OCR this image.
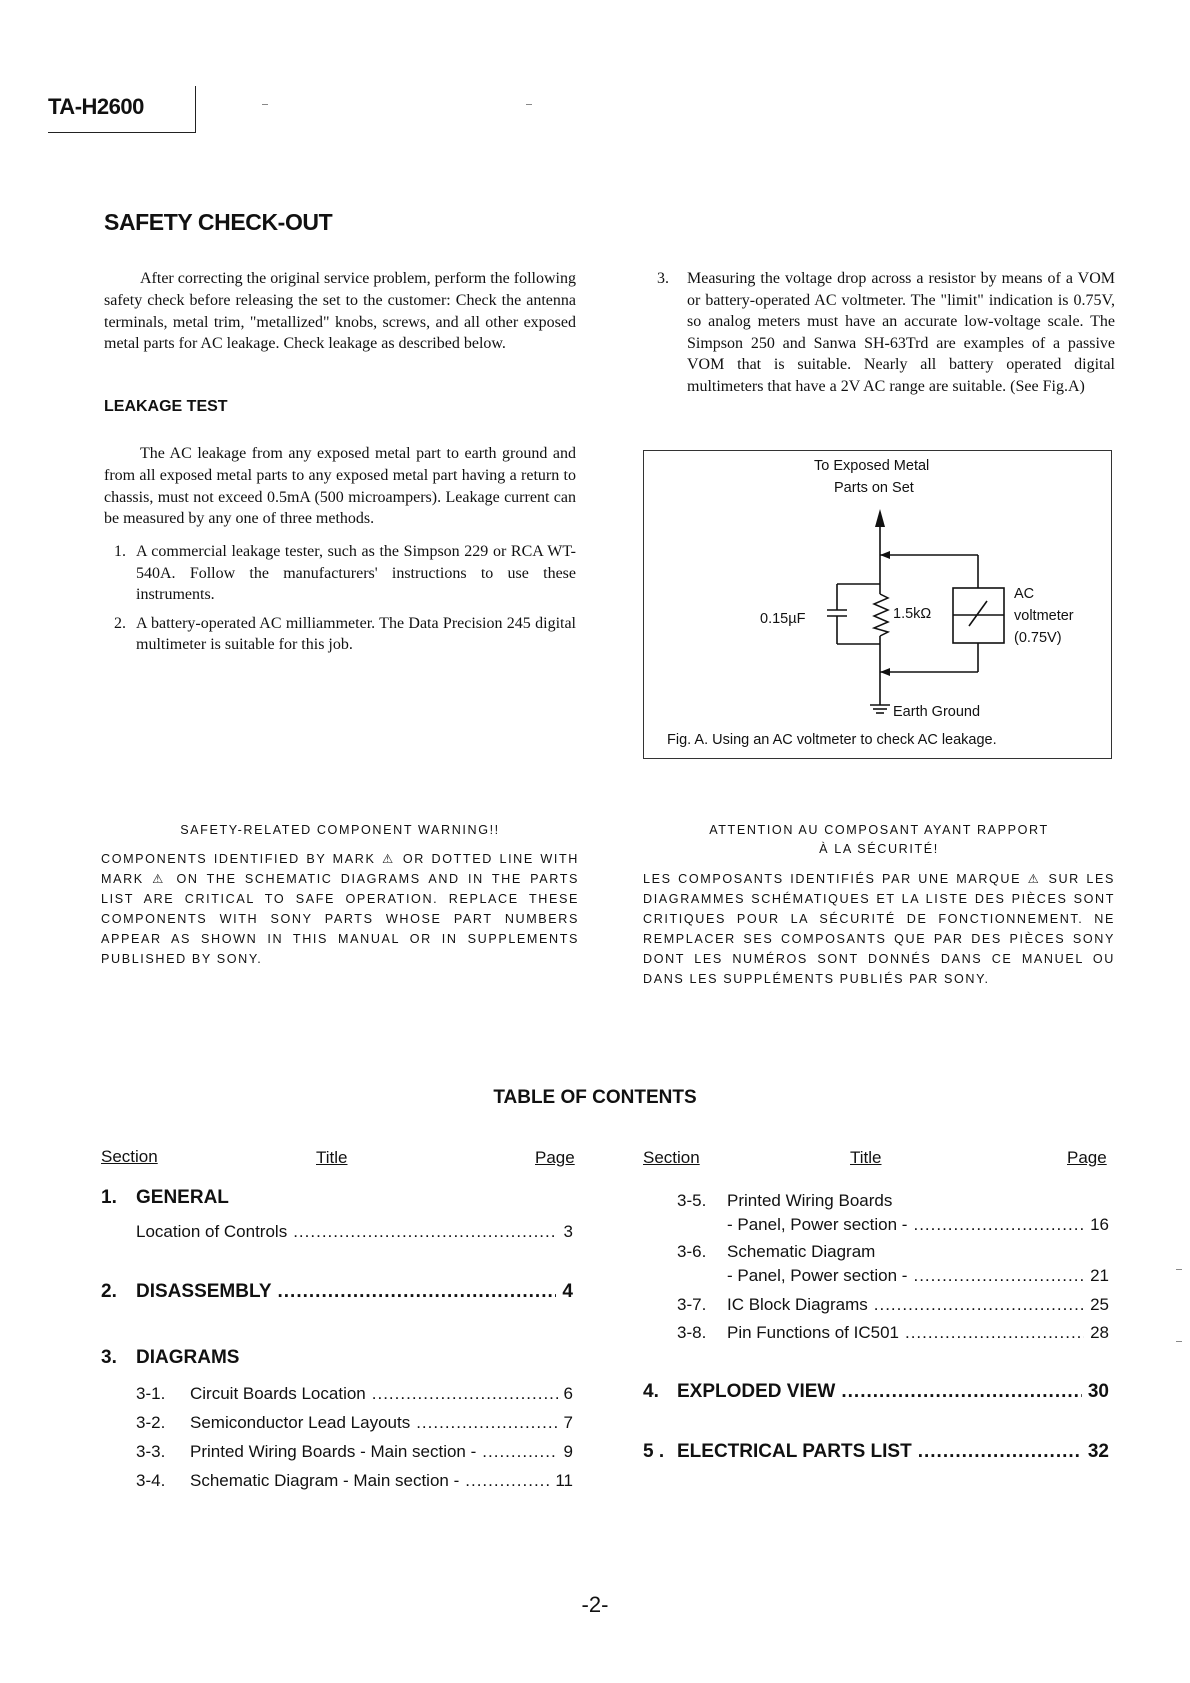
TA-H2600
SAFETY CHECK-OUT

After correcting the original service problem, perform the following safety check before releasing the set to the customer: Check the antenna terminals, metal trim, "metallized" knobs, screws, and all other exposed metal parts for AC leakage. Check leakage as described below.

LEAKAGE TEST

The AC leakage from any exposed metal part to earth ground and from all exposed metal parts to any exposed metal part having a return to chassis, must not exceed 0.5mA (500 microampers). Leakage current can be measured by any one of three methods.

1. A commercial leakage tester, such as the Simpson 229 or RCA WT-540A. Follow the manufacturers' instructions to use these instruments.
2. A battery-operated AC milliammeter. The Data Precision 245 digital multimeter is suitable for this job.
3.	Measuring the voltage drop across a resistor by means of a VOM or battery-operated AC voltmeter. The "limit" indication is 0.75V, so analog meters must have an accurate low-voltage scale. The Simpson 250 and Sanwa SH-63Trd are examples of a passive VOM that is suitable. Nearly all battery operated digital multimeters that have a 2V AC range are suitable. (See Fig.A)
To Exposed Metal
Parts on Set
0.15µF	1.5kΩ
AC
voltmeter
(0.75V)
Earth Ground
Fig. A. Using an AC voltmeter to check AC leakage.
SAFETY-RELATED COMPONENT WARNING!!
COMPONENTS IDENTIFIED BY MARK ⚠ OR DOTTED LINE WITH MARK ⚠ ON THE SCHEMATIC DIAGRAMS AND IN THE PARTS LIST ARE CRITICAL TO SAFE OPERATION. REPLACE THESE COMPONENTS WITH SONY PARTS WHOSE PART NUMBERS APPEAR AS SHOWN IN THIS MANUAL OR IN SUPPLEMENTS PUBLISHED BY SONY.
ATTENTION AU COMPOSANT AYANT RAPPORT
À LA SÉCURITÉ!
LES COMPOSANTS IDENTIFIÉS PAR UNE MARQUE ⚠ SUR LES DIAGRAMMES SCHÉMATIQUES ET LA LISTE DES PIÈCES SONT CRITIQUES POUR LA SÉCURITÉ DE FONCTIONNEMENT. NE REMPLACER SES COMPOSANTS QUE PAR DES PIÈCES SONY DONT LES NUMÉROS SONT DONNÉS DANS CE MANUEL OU DANS LES SUPPLÉMENTS PUBLIÉS PAR SONY.
TABLE OF CONTENTS
Section	Title	Page
1. GENERAL
Location of Controls .....	3
2. DISASSEMBLY .....	4
3. DIAGRAMS
3-1.	Circuit Boards Location .....	6
3-2.	Semiconductor Lead Layouts .....	7
3-3.	Printed Wiring Boards - Main section - .....	9
3-4.	Schematic Diagram - Main section - .....	11
Section	Title	Page
3-5. Printed Wiring Boards
- Panel, Power section - .....	16
3-6. Schematic Diagram
- Panel, Power section - .....	21
3-7.	IC Block Diagrams .....	25
3-8.	Pin Functions of IC501 .....	28
4. EXPLODED VIEW .....	30
5 . ELECTRICAL PARTS LIST .....	32
-2-
